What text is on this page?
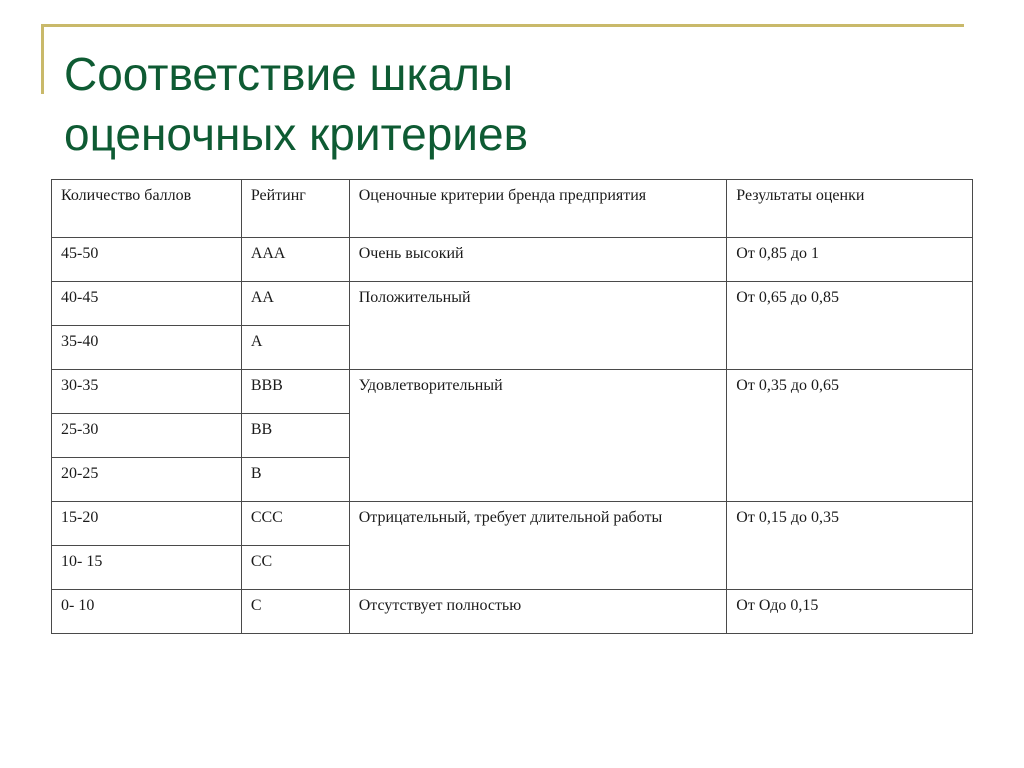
Соответствие шкалы
оценочных критериев
Количество баллов	Рейтинг	Оценочные критерии бренда предприятия	Результаты оценки
45-50	AAA	Очень высокий	От 0,85 до 1
40-45	AA	Положительный	От 0,65 до 0,85
35-40	A		
30-35	BBB	Удовлетворительный	От 0,35 до 0,65
25-30	BB		
20-25	B		
15-20	CCC	Отрицательный, требует длительной работы	От 0,15 до 0,35
10- 15	CC		
0- 10	C	Отсутствует полностью	От Одо 0,15
